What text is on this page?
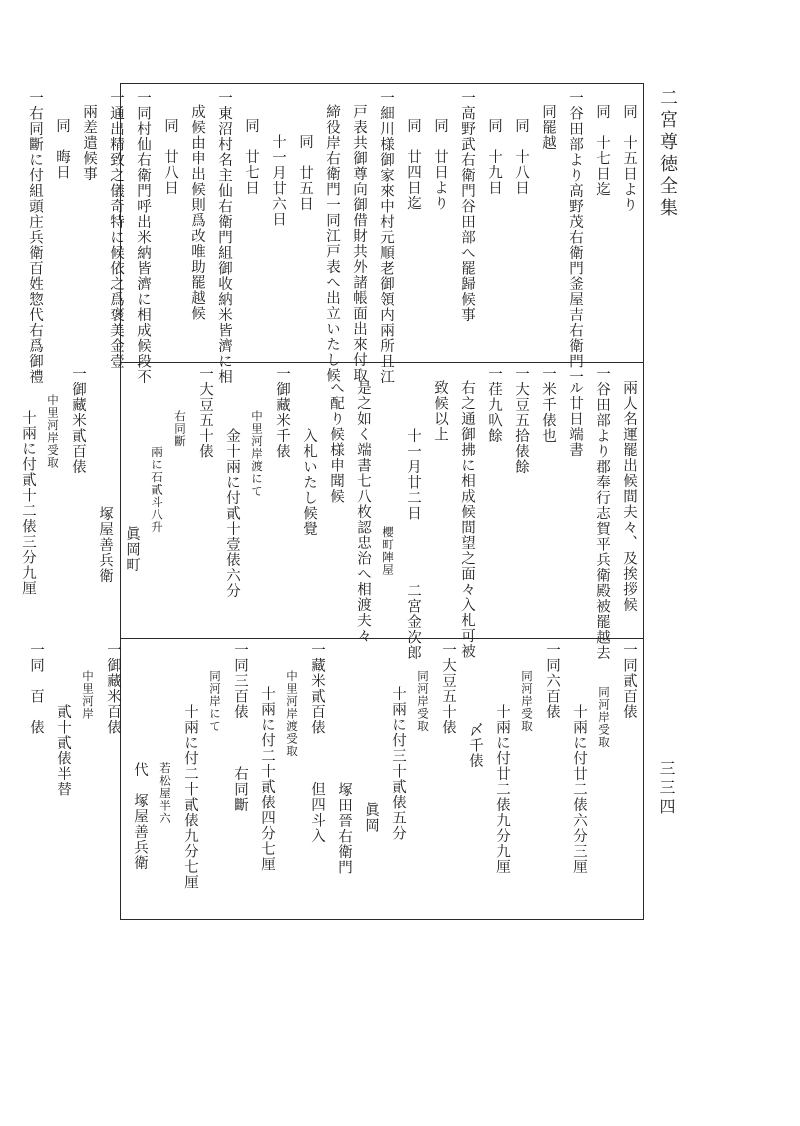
二宮尊徳全集
三三四

同　十五日より

同　十七日迄

一谷田部より高野茂右衛門釜屋吉右衛門一

同罷越

同　十八日

同　十九日

一高野武右衛門谷田部へ罷歸候事

同　廿日より

同　廿四日迄

一細川様御家來中村元順老御領内兩所且江

戸表共御尊向御借財共外諸帳面出來付取

締役岸右衛門一同江戸表へ出立いたし候

同　廿五日

十一月廿六日

同　廿七日

一東沼村名主仙右衛門組御收納米皆濟に相

成候由申出候則爲改唯助罷越候

同　廿八日

一同村仙右衛門呼出米納皆濟に相成候段不

一通出精致之儀奇特に候依之爲褒美金壹

兩差遣候事

同　晦日

一右同斷に付組頭庄兵衛百姓惣代右爲御禮

兩人名運罷出候間夫々、及挨拶候

一谷田部より郡奉行志賀平兵衛殿被罷越去

ル廿日端書

一米千俵也

一大豆五拾俵餘

一荏九叺餘

右之通御拂に相成候間望之面々入札可被

致候以上

十一月廿二日　　　　二宮金次郎

櫻町陣屋

是之如く端書七八枚認忠治へ相渡夫々

へ配り候様申聞候

入札いたし候覺

一御藏米千俵

中里河岸渡にて

金十兩に付貳十壹俵六分

一大豆五十俵

右同斷

兩に石貳斗八升

眞岡町

塚屋善兵衛

一御藏米貳百俵

中里河岸受取

十兩に付貳十二俵三分九厘

一同貳百俵

同河岸受取

十兩に付廿二俵六分三厘

一同六百俵

同河岸受取

十兩に付廿二俵九分九厘

〆千俵

一大豆五十俵

同河岸受取

十兩に付三十貳俵五分

眞岡

塚田晉右衛門

一藏米貳百俵　　　但四斗入

中里河岸渡受取

十兩に付二十貳俵四分七厘

一同三百俵　　　右同斷

同河岸にて

十兩に付二十貳俵九分七厘

若松屋半六

代　塚屋善兵衛

一御藏米百俵

中里河岸

貳十貳俵半替

一同　百　俵
